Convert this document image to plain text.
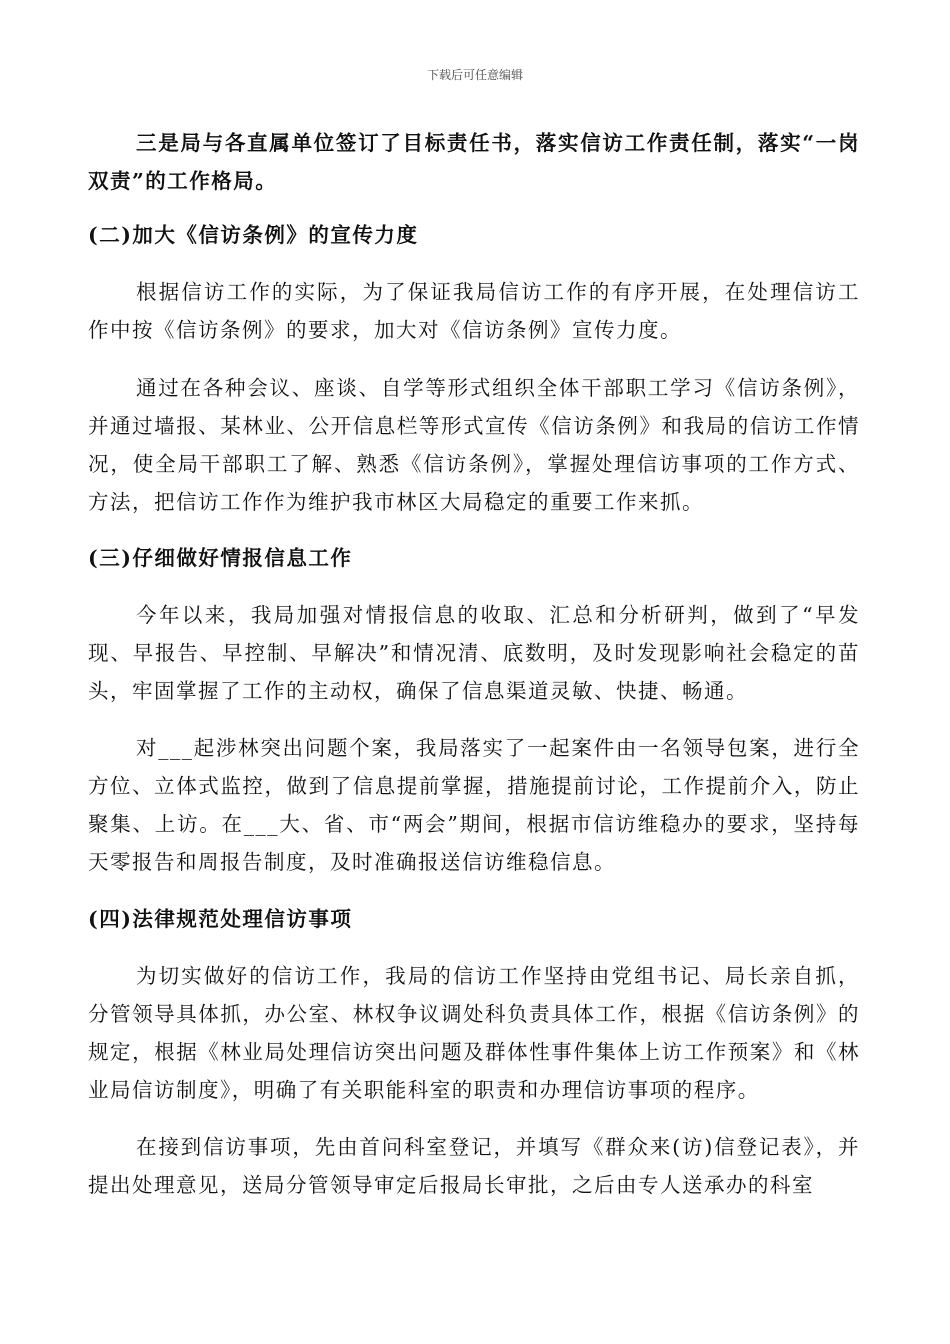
下载后可任意编辑

三是局与各直属单位签订了目标责任书，落实信访工作责任制，落实“一岗双责”的工作格局。

(二)加大《信访条例》的宣传力度

根据信访工作的实际，为了保证我局信访工作的有序开展，在处理信访工作中按《信访条例》的要求，加大对《信访条例》宣传力度。

通过在各种会议、座谈、自学等形式组织全体干部职工学习《信访条例》，并通过墙报、某林业、公开信息栏等形式宣传《信访条例》和我局的信访工作情况，使全局干部职工了解、熟悉《信访条例》，掌握处理信访事项的工作方式、方法，把信访工作作为维护我市林区大局稳定的重要工作来抓。

(三)仔细做好情报信息工作

今年以来，我局加强对情报信息的收取、汇总和分析研判，做到了“早发现、早报告、早控制、早解决”和情况清、底数明，及时发现影响社会稳定的苗头，牢固掌握了工作的主动权，确保了信息渠道灵敏、快捷、畅通。

对___起涉林突出问题个案，我局落实了一起案件由一名领导包案，进行全方位、立体式监控，做到了信息提前掌握，措施提前讨论，工作提前介入，防止聚集、上访。在___大、省、市“两会”期间，根据市信访维稳办的要求，坚持每天零报告和周报告制度，及时准确报送信访维稳信息。

(四)法律规范处理信访事项

为切实做好的信访工作，我局的信访工作坚持由党组书记、局长亲自抓，分管领导具体抓，办公室、林权争议调处科负责具体工作，根据《信访条例》的规定，根据《林业局处理信访突出问题及群体性事件集体上访工作预案》和《林业局信访制度》，明确了有关职能科室的职责和办理信访事项的程序。

在接到信访事项，先由首问科室登记，并填写《群众来(访)信登记表》，并提出处理意见，送局分管领导审定后报局长审批，之后由专人送承办的科室
